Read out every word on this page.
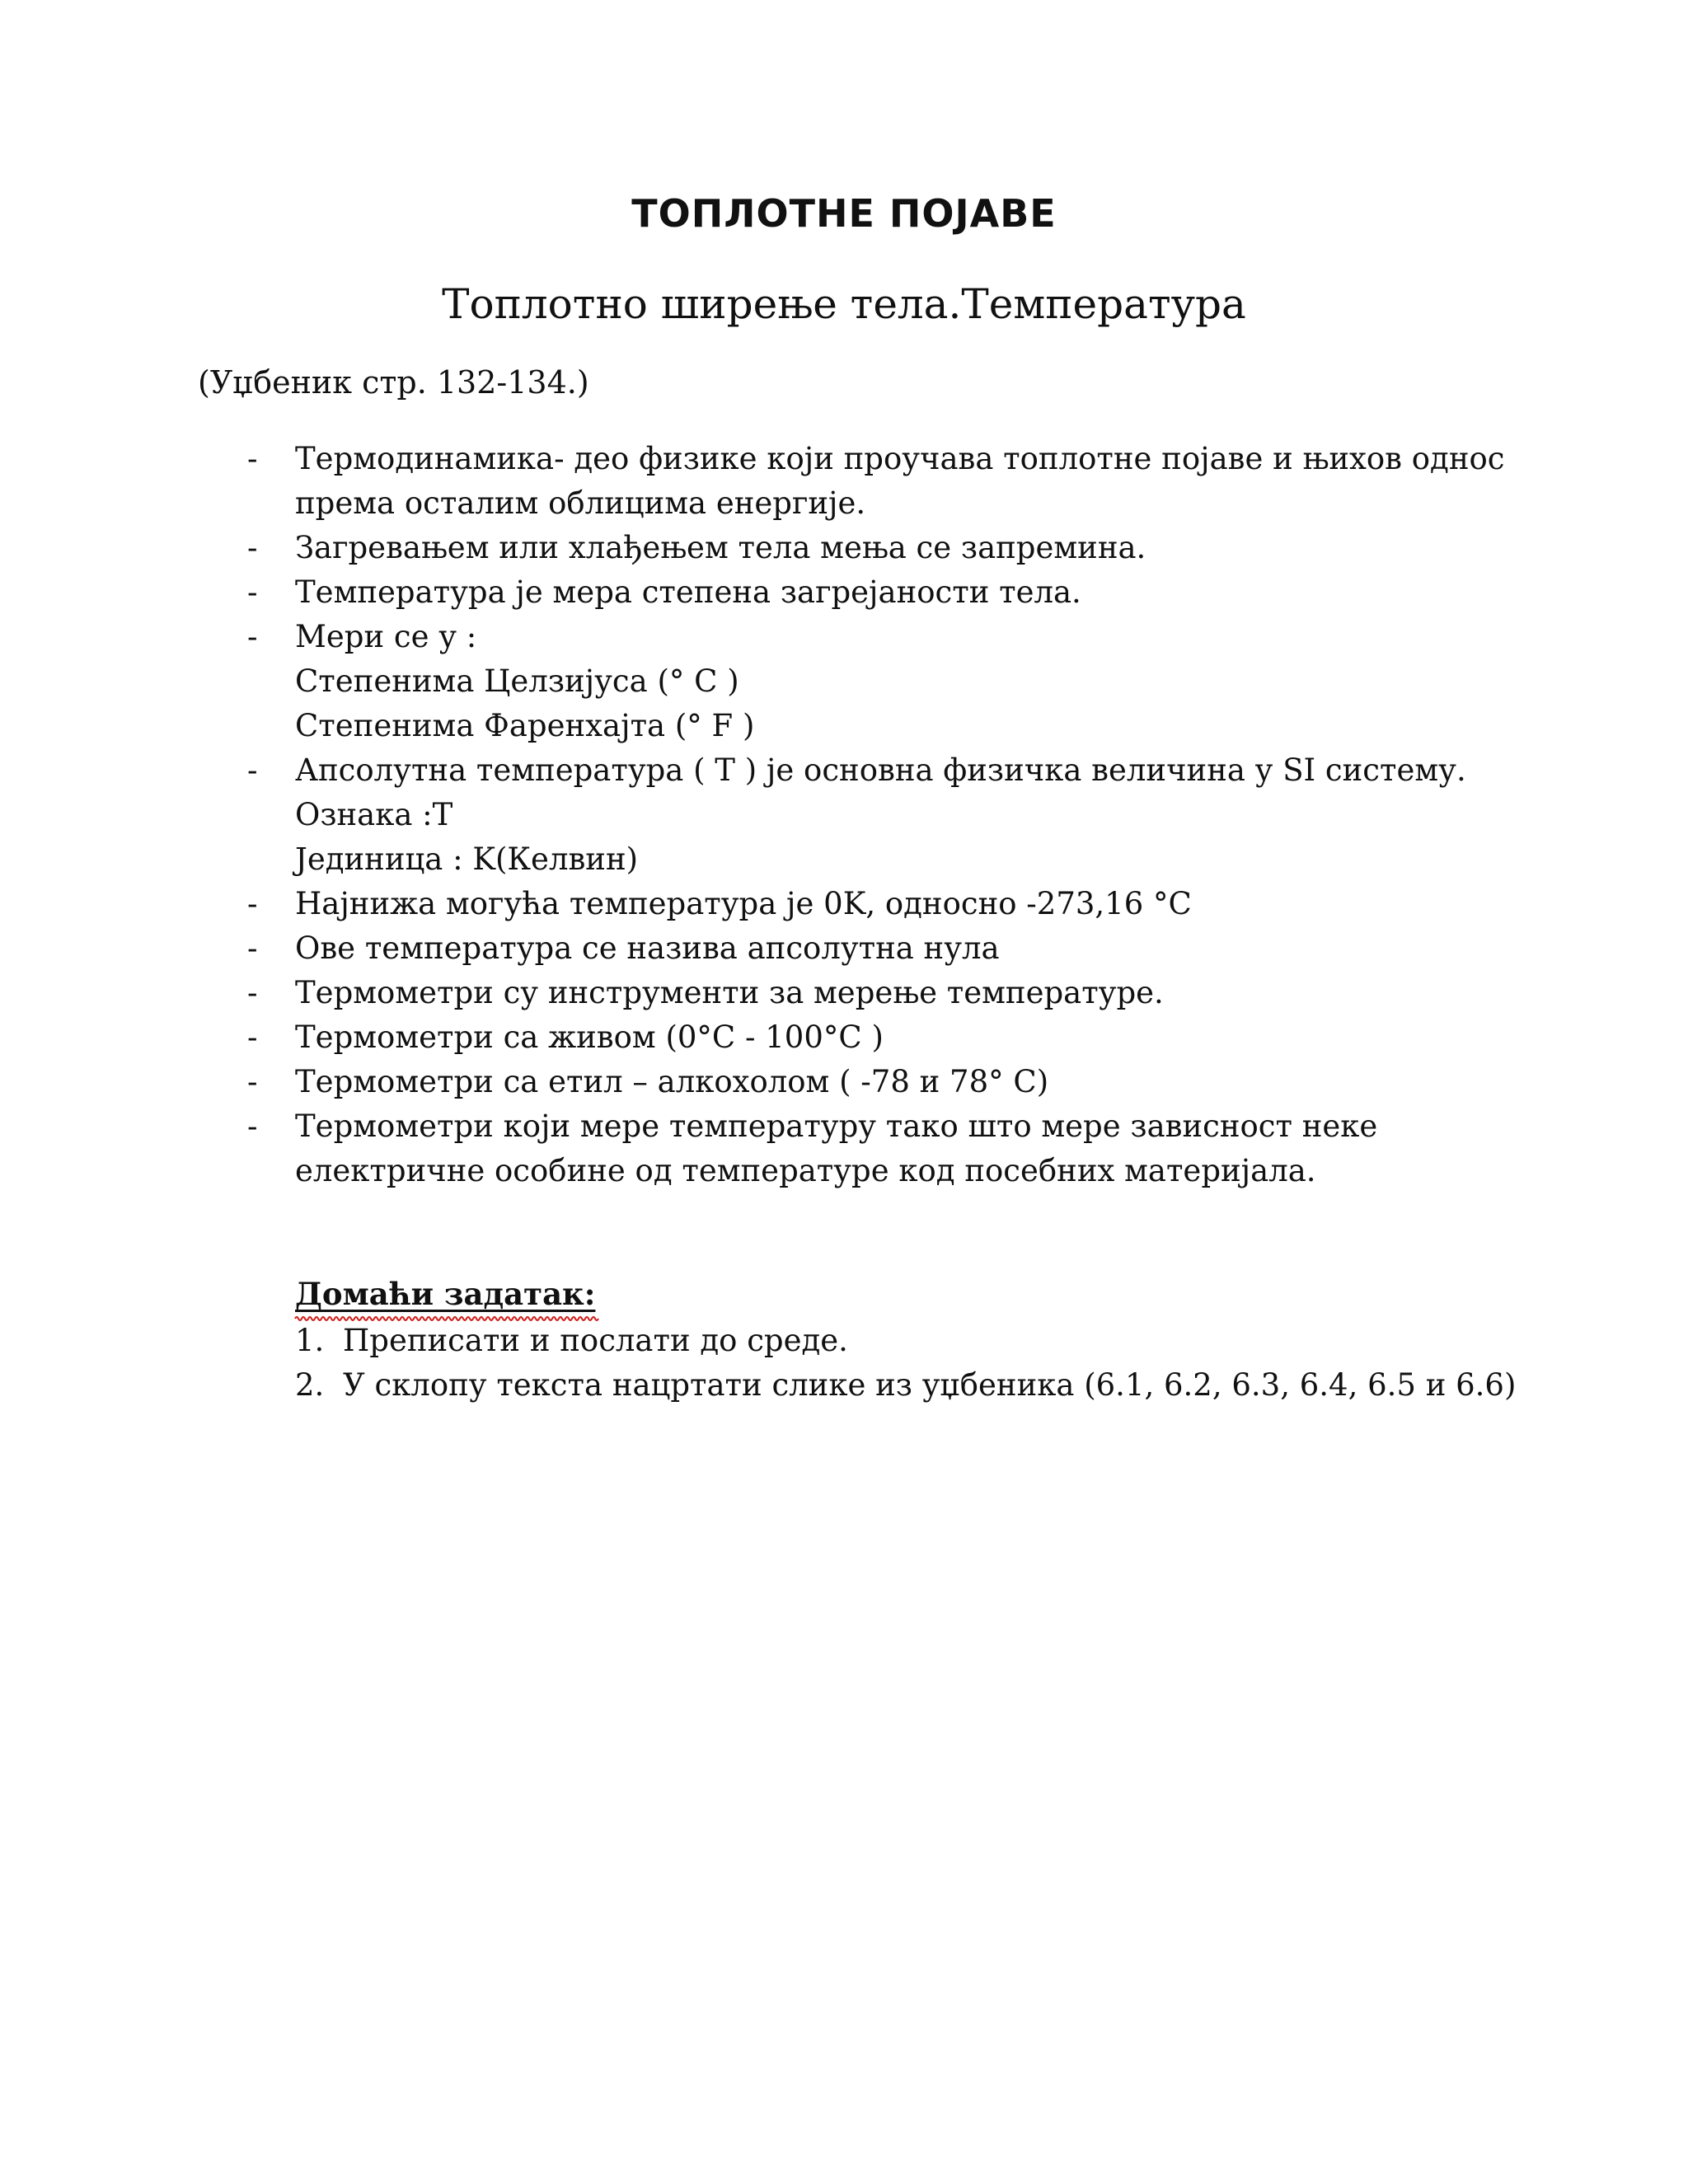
ТОПЛОТНЕ ПОЈАВЕ
Топлотно ширење тела.Температура
(Уџбеник стр. 132-134.)
- Термодинамика- део физике који проучава топлотне појаве и њихов однос
према осталим облицима енергије.
- Загревањем или хлађењем тела мења се запремина.
- Температура је мера степена загрејаности тела.
- Мери се у :
Степенима Целзијуса (° C )
Степенима Фаренхајта (° F )
- Апсолутна температура ( T ) је основна физичка величина у SI систему.
Ознака :T
Јединица : K(Келвин)
- Најнижа могућа температура је 0K, односно -273,16 °C
- Ове температура се назива апсолутна нула
- Термометри су инструменти за мерење температуре.
- Термометри са живом (0°C - 100°C )
- Термометри са етил – алкохолом ( -78 и 78° C)
- Термометри који мере температуру тако што мере зависност неке
електричне особине од температуре код посебних материјала.
Домаћи задатак:
1. Преписати и послати до среде.
2. У склопу текста нацртати слике из уџбеника (6.1, 6.2, 6.3, 6.4, 6.5 и 6.6)
